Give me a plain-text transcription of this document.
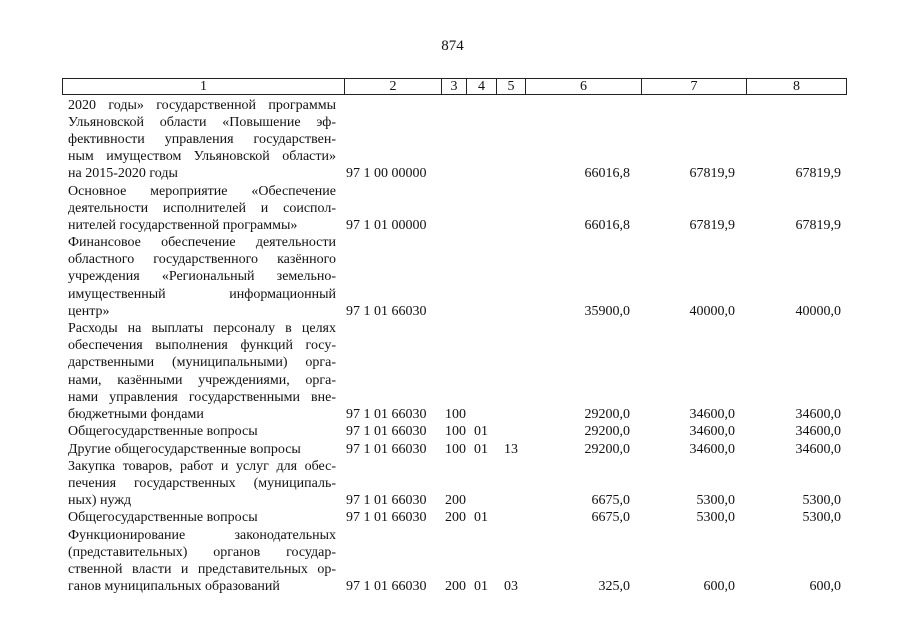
874
1	2	3	4	5	6	7	8
2020 годы» государственной программы
Ульяновской области «Повышение эф-
фективности управления государствен-
ным имуществом Ульяновской области»
на 2015-2020 годы	97 1 00 00000	66016,8	67819,9	67819,9
Основное мероприятие «Обеспечение
деятельности исполнителей и соиспол-
нителей государственной программы»	97 1 01 00000	66016,8	67819,9	67819,9
Финансовое обеспечение деятельности
областного государственного казённого
учреждения «Региональный земельно-
имущественный информационный
центр»	97 1 01 66030	35900,0	40000,0	40000,0
Расходы на выплаты персоналу в целях
обеспечения выполнения функций госу-
дарственными (муниципальными) орга-
нами, казёнными учреждениями, орга-
нами управления государственными вне-
бюджетными фондами	97 1 01 66030 100	29200,0	34600,0	34600,0
Общегосударственные вопросы	97 1 01 66030 100 01	29200,0	34600,0	34600,0
Другие общегосударственные вопросы	97 1 01 66030 100 01 13	29200,0	34600,0	34600,0
Закупка товаров, работ и услуг для обес-
печения государственных (муниципаль-
ных) нужд	97 1 01 66030 200	6675,0	5300,0	5300,0
Общегосударственные вопросы	97 1 01 66030 200 01	6675,0	5300,0	5300,0
Функционирование законодательных
(представительных) органов государ-
ственной власти и представительных ор-
ганов муниципальных образований	97 1 01 66030 200 01 03	325,0	600,0	600,0
